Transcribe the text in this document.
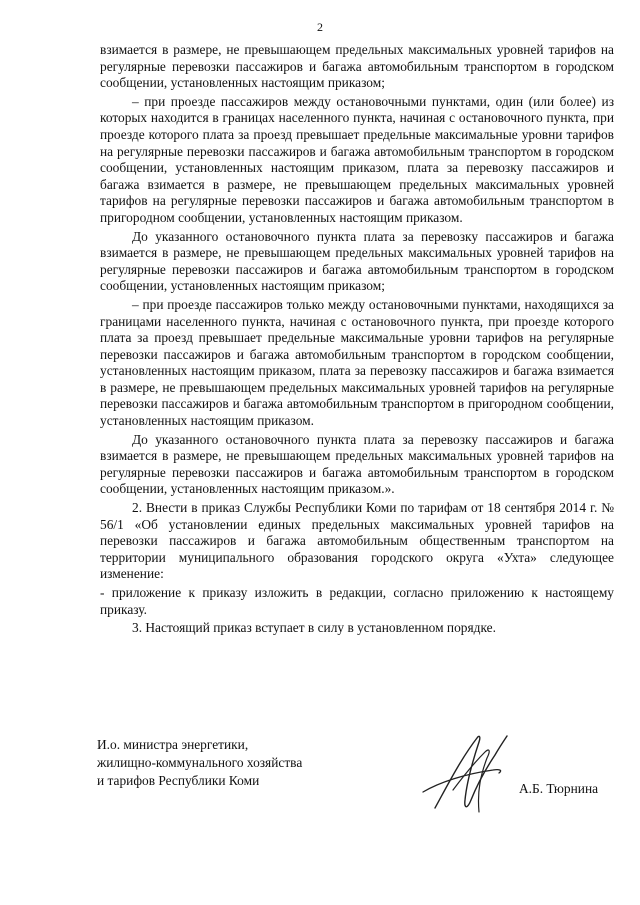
2

взимается в размере, не превышающем предельных максимальных уровней тарифов на регулярные перевозки пассажиров и багажа автомобильным транспортом в городском сообщении, установленных настоящим приказом;

– при проезде пассажиров между остановочными пунктами, один (или более) из которых находится в границах населенного пункта, начиная с остановочного пункта, при проезде которого плата за проезд превышает предельные максимальные уровни тарифов на регулярные перевозки пассажиров и багажа автомобильным транспортом в городском сообщении, установленных настоящим приказом, плата за перевозку пассажиров и багажа взимается в размере, не превышающем предельных максимальных уровней тарифов на регулярные перевозки пассажиров и багажа автомобильным транспортом в пригородном сообщении, установленных настоящим приказом.

До указанного остановочного пункта плата за перевозку пассажиров и багажа взимается в размере, не превышающем предельных максимальных уровней тарифов на регулярные перевозки пассажиров и багажа автомобильным транспортом в городском сообщении, установленных настоящим приказом;

– при проезде пассажиров только между остановочными пунктами, находящихся за границами населенного пункта, начиная с остановочного пункта, при проезде которого плата за проезд превышает предельные максимальные уровни тарифов на регулярные перевозки пассажиров и багажа автомобильным транспортом в городском сообщении, установленных настоящим приказом, плата за перевозку пассажиров и багажа взимается в размере, не превышающем предельных максимальных уровней тарифов на регулярные перевозки пассажиров и багажа автомобильным транспортом в пригородном сообщении, установленных настоящим приказом.

До указанного остановочного пункта плата за перевозку пассажиров и багажа взимается в размере, не превышающем предельных максимальных уровней тарифов на регулярные перевозки пассажиров и багажа автомобильным транспортом в городском сообщении, установленных настоящим приказом.».

2. Внести в приказ Службы Республики Коми по тарифам от 18 сентября 2014 г. № 56/1 «Об установлении единых предельных максимальных уровней тарифов на перевозки пассажиров и багажа автомобильным общественным транспортом на территории муниципального образования городского округа «Ухта» следующее изменение:

- приложение к приказу изложить в редакции, согласно приложению к настоящему приказу.

3. Настоящий приказ вступает в силу в установленном порядке.

И.о. министра энергетики,
жилищно-коммунального хозяйства
и тарифов Республики Коми
А.Б. Тюрнина
